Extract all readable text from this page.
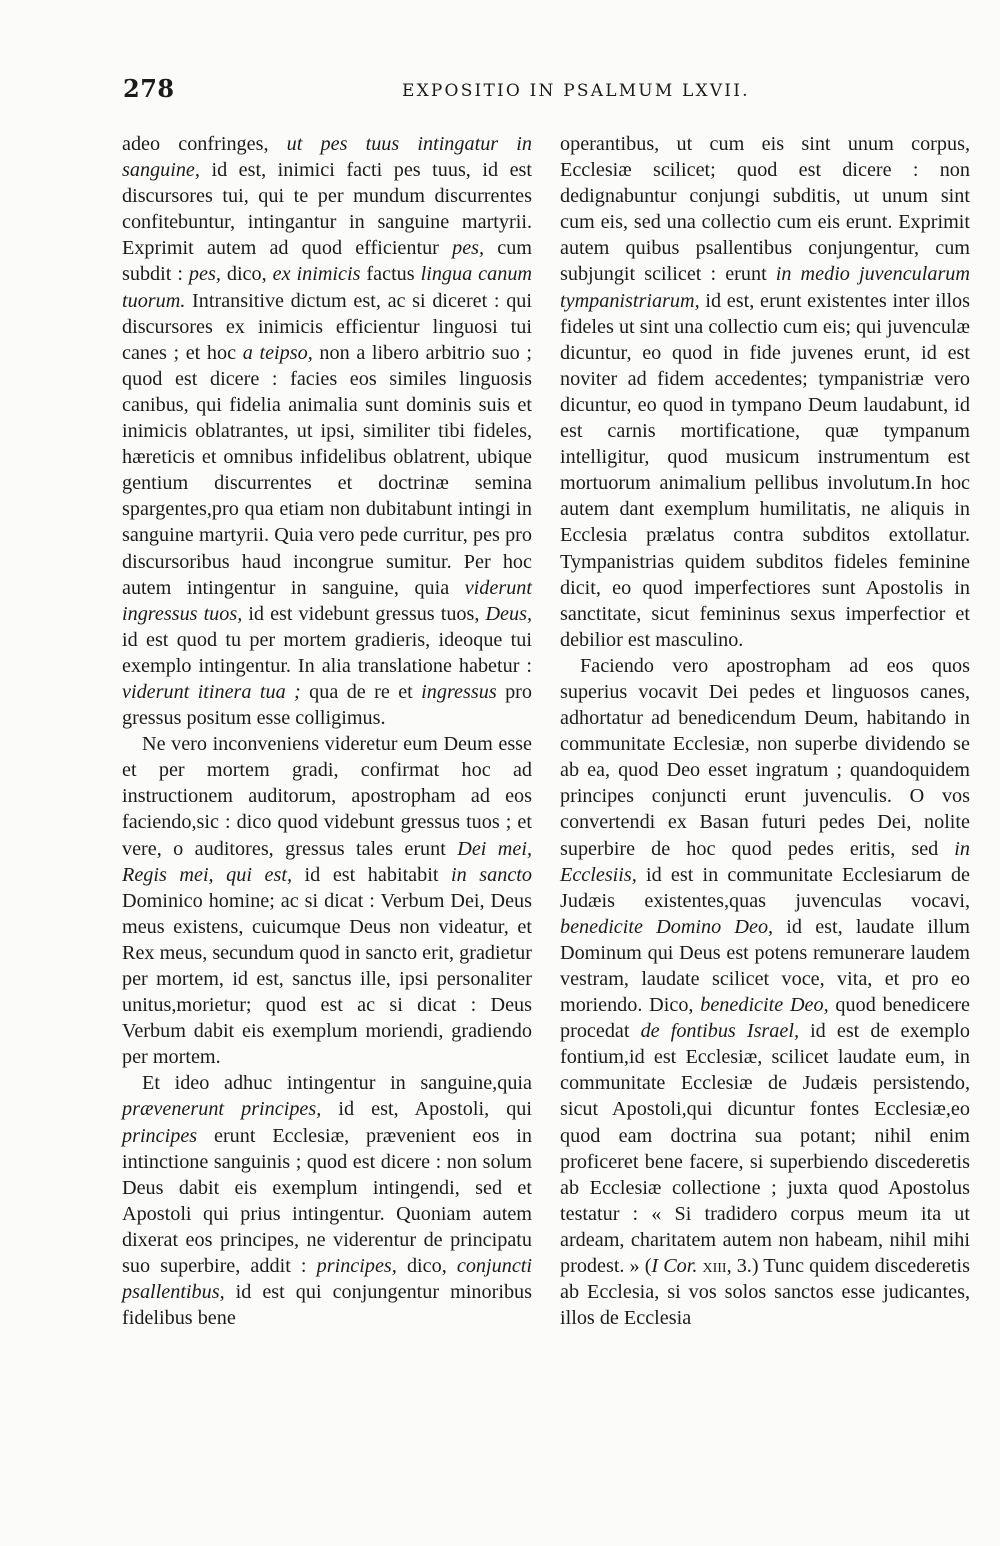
278	EXPOSITIO IN PSALMUM LXVII.

adeo confringes, ut pes tuus intingatur in sanguine, id est, inimici facti pes tuus, id est discursores tui, qui te per mundum discurrentes confitebuntur, intingantur in sanguine martyrii. Exprimit autem ad quod efficientur pes, cum subdit : pes, dico, ex inimicis factus lingua canum tuorum. Intransitive dictum est, ac si diceret : qui discursores ex inimicis efficientur linguosi tui canes ; et hoc a teipso, non a libero arbitrio suo ; quod est dicere : facies eos similes linguosis canibus, qui fidelia animalia sunt dominis suis et inimicis oblatrantes, ut ipsi, similiter tibi fideles, hæreticis et omnibus infidelibus oblatrent, ubique gentium discurrentes et doctrinæ semina spargentes,pro qua etiam non dubitabunt intingi in sanguine martyrii. Quia vero pede curritur, pes pro discursoribus haud incongrue sumitur. Per hoc autem intingentur in sanguine, quia viderunt ingressus tuos, id est videbunt gressus tuos, Deus, id est quod tu per mortem gradieris, ideoque tui exemplo intingentur. In alia translatione habetur : viderunt itinera tua ; qua de re et ingressus pro gressus positum esse colligimus.

Ne vero inconveniens videretur eum Deum esse et per mortem gradi, confirmat hoc ad instructionem auditorum, apostropham ad eos faciendo,sic : dico quod videbunt gressus tuos ; et vere, o auditores, gressus tales erunt Dei mei, Regis mei, qui est, id est habitabit in sancto Dominico homine; ac si dicat : Verbum Dei, Deus meus existens, cuicumque Deus non videatur, et Rex meus, secundum quod in sancto erit, gradietur per mortem, id est, sanctus ille, ipsi personaliter unitus,morietur; quod est ac si dicat : Deus Verbum dabit eis exemplum moriendi, gradiendo per mortem.

Et ideo adhuc intingentur in sanguine,quia prævenerunt principes, id est, Apostoli, qui principes erunt Ecclesiæ, prævenient eos in intinctione sanguinis ; quod est dicere : non solum Deus dabit eis exemplum intingendi, sed et Apostoli qui prius intingentur. Quoniam autem dixerat eos principes, ne viderentur de principatu suo superbire, addit : principes, dico, conjuncti psallentibus, id est qui conjungentur minoribus fidelibus bene

operantibus, ut cum eis sint unum corpus, Ecclesiæ scilicet; quod est dicere : non dedignabuntur conjungi subditis, ut unum sint cum eis, sed una collectio cum eis erunt. Exprimit autem quibus psallentibus conjungentur, cum subjungit scilicet : erunt in medio juvencularum tympanistriarum, id est, erunt existentes inter illos fideles ut sint una collectio cum eis; qui juvenculæ dicuntur, eo quod in fide juvenes erunt, id est noviter ad fidem accedentes; tympanistriæ vero dicuntur, eo quod in tympano Deum laudabunt, id est carnis mortificatione, quæ tympanum intelligitur, quod musicum instrumentum est mortuorum animalium pellibus involutum.In hoc autem dant exemplum humilitatis, ne aliquis in Ecclesia prælatus contra subditos extollatur. Tympanistrias quidem subditos fideles feminine dicit, eo quod imperfectiores sunt Apostolis in sanctitate, sicut femininus sexus imperfectior et debilior est masculino.

Faciendo vero apostropham ad eos quos superius vocavit Dei pedes et linguosos canes, adhortatur ad benedicendum Deum, habitando in communitate Ecclesiæ, non superbe dividendo se ab ea, quod Deo esset ingratum ; quandoquidem principes conjuncti erunt juvenculis. O vos convertendi ex Basan futuri pedes Dei, nolite superbire de hoc quod pedes eritis, sed in Ecclesiis, id est in communitate Ecclesiarum de Judæis existentes,quas juvenculas vocavi, benedicite Domino Deo, id est, laudate illum Dominum qui Deus est potens remunerare laudem vestram, laudate scilicet voce, vita, et pro eo moriendo. Dico, benedicite Deo, quod benedicere procedat de fontibus Israel, id est de exemplo fontium,id est Ecclesiæ, scilicet laudate eum, in communitate Ecclesiæ de Judæis persistendo, sicut Apostoli,qui dicuntur fontes Ecclesiæ,eo quod eam doctrina sua potant; nihil enim proficeret bene facere, si superbiendo discederetis ab Ecclesiæ collectione ; juxta quod Apostolus testatur : « Si tradidero corpus meum ita ut ardeam, charitatem autem non habeam, nihil mihi prodest. » (I Cor. xiii, 3.) Tunc quidem discederetis ab Ecclesia, si vos solos sanctos esse judicantes, illos de Ecclesia
